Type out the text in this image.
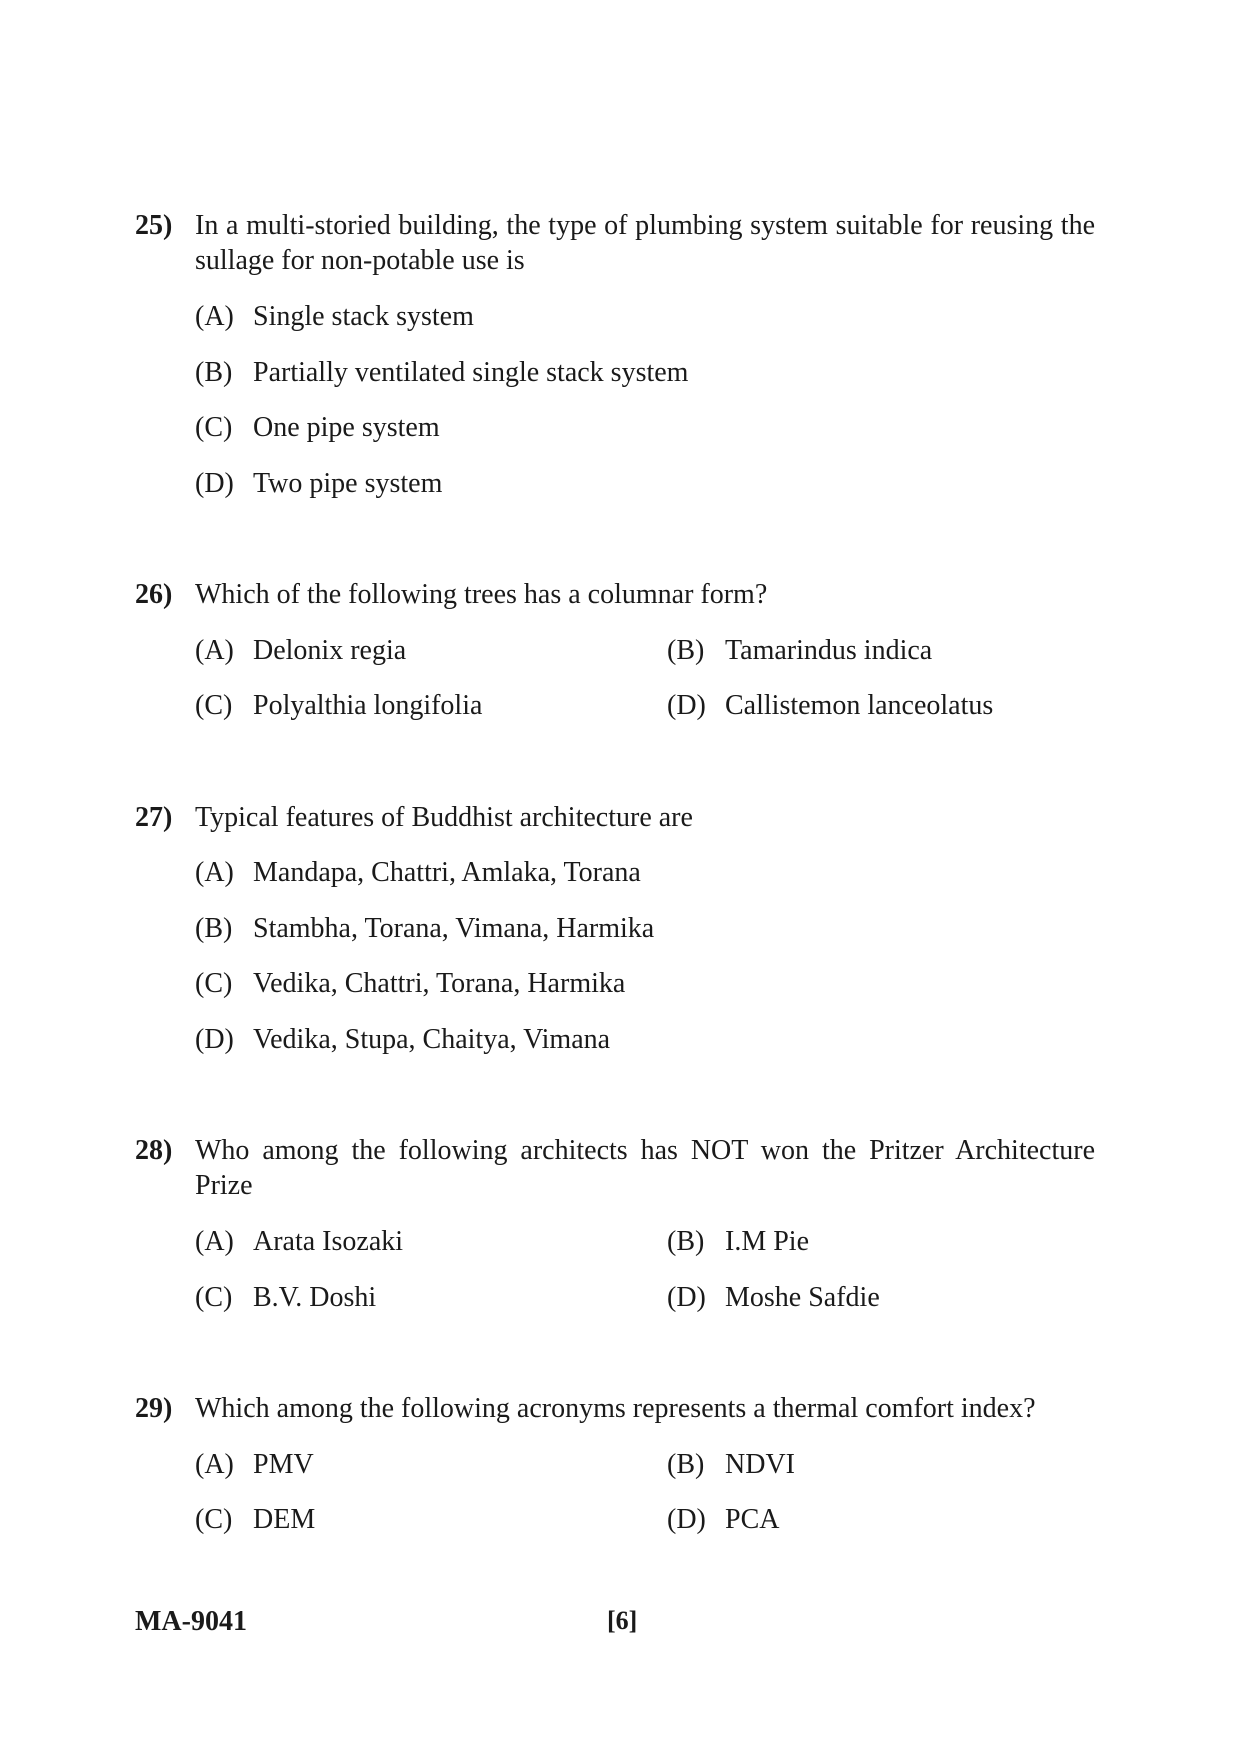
25) In a multi-storied building, the type of plumbing system suitable for reusing the sullage for non-potable use is
(A) Single stack system
(B) Partially ventilated single stack system
(C) One pipe system
(D) Two pipe system
26) Which of the following trees has a columnar form?
(A) Delonix regia	(B) Tamarindus indica
(C) Polyalthia longifolia	(D) Callistemon lanceolatus
27) Typical features of Buddhist architecture are
(A) Mandapa, Chattri, Amlaka, Torana
(B) Stambha, Torana, Vimana, Harmika
(C) Vedika, Chattri, Torana, Harmika
(D) Vedika, Stupa, Chaitya, Vimana
28) Who among the following architects has NOT won the Pritzer Architecture Prize
(A) Arata Isozaki	(B) I.M Pie
(C) B.V. Doshi	(D) Moshe Safdie
29) Which among the following acronyms represents a thermal comfort index?
(A) PMV	(B) NDVI
(C) DEM	(D) PCA
MA-9041	[6]
